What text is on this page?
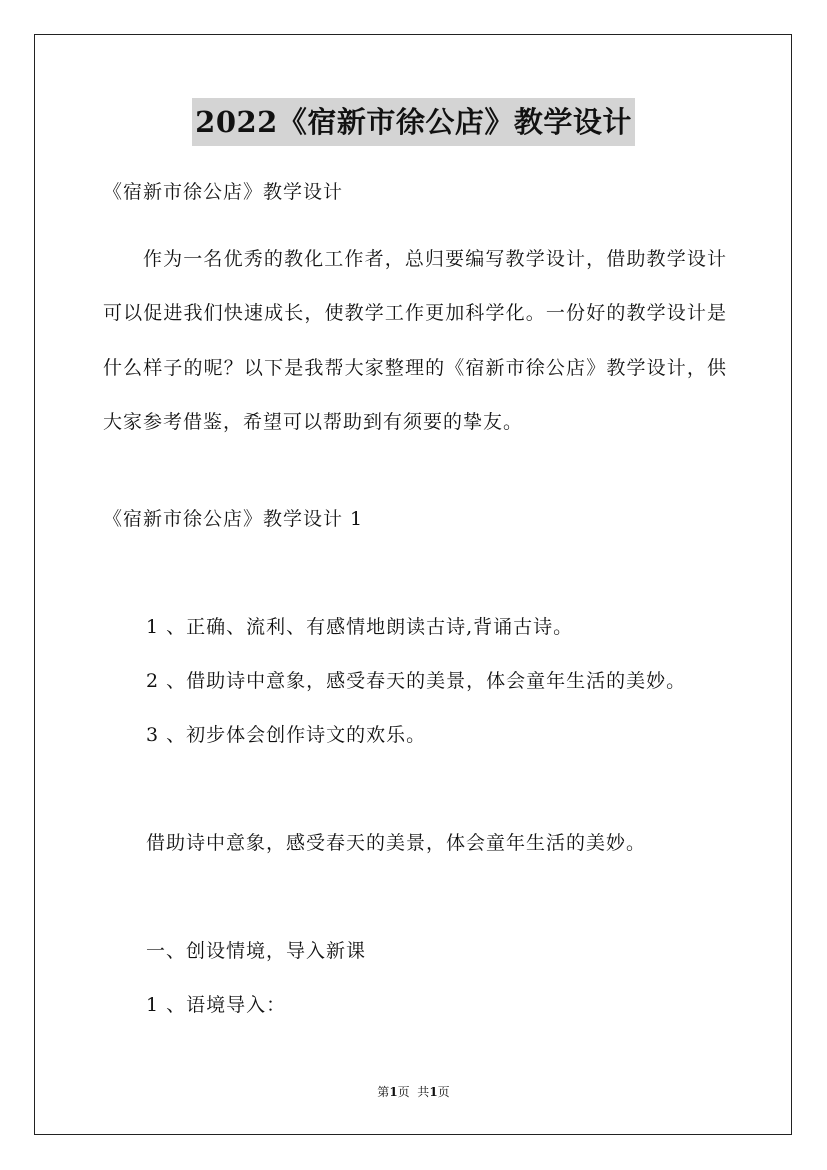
2022《宿新市徐公店》教学设计
《宿新市徐公店》教学设计
作为一名优秀的教化工作者，总归要编写教学设计，借助教学设计可以促进我们快速成长，使教学工作更加科学化。一份好的教学设计是什么样子的呢？以下是我帮大家整理的《宿新市徐公店》教学设计，供大家参考借鉴，希望可以帮助到有须要的挚友。
《宿新市徐公店》教学设计 1
1 、正确、流利、有感情地朗读古诗,背诵古诗。
2 、借助诗中意象，感受春天的美景，体会童年生活的美妙。
3 、初步体会创作诗文的欢乐。
借助诗中意象，感受春天的美景，体会童年生活的美妙。
一、创设情境，导入新课
1 、语境导入：
第1页  共1页
